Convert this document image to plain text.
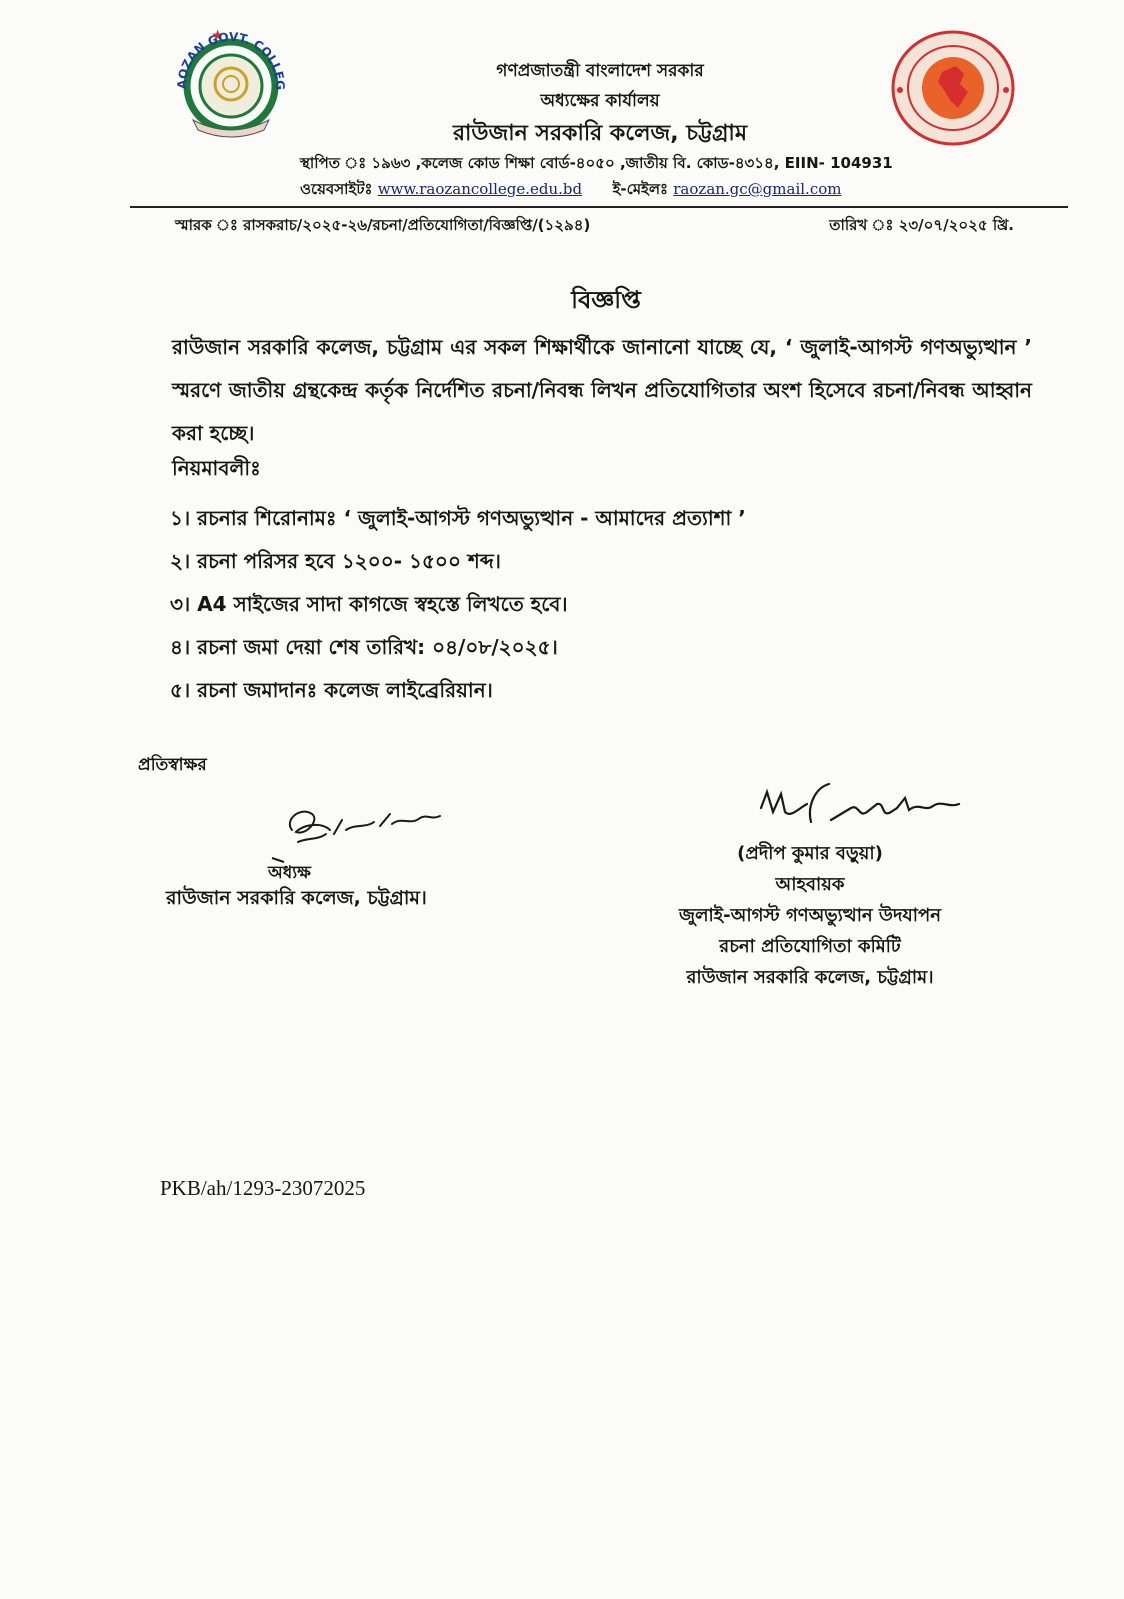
AOZAN GOVT. COLLEG
গণপ্রজাতন্ত্রী বাংলাদেশ সরকার
অধ্যক্ষের কার্যালয়
রাউজান সরকারি কলেজ, চট্টগ্রাম
স্থাপিত ঃ ১৯৬৩ ,কলেজ কোড শিক্ষা বোর্ড-৪০৫০ ,জাতীয় বি. কোড-৪৩১৪, EIIN- 104931
ওয়েবসাইটঃ www.raozancollege.edu.bd ই-মেইলঃ raozan.gc@gmail.com
স্মারক ঃ রাসকরাচ/২০২৫-২৬/রচনা/প্রতিযোগিতা/বিজ্ঞপ্তি/(১২৯৪)	তারিখ ঃ ২৩/০৭/২০২৫ খ্রি.
বিজ্ঞপ্তি
রাউজান সরকারি কলেজ, চট্টগ্রাম এর সকল শিক্ষার্থীকে জানানো যাচ্ছে যে, ‘ জুলাই-আগস্ট গণঅভ্যুত্থান ’ স্মরণে জাতীয় গ্রন্থকেন্দ্র কর্তৃক নির্দেশিত রচনা/নিবন্ধ লিখন প্রতিযোগিতার অংশ হিসেবে রচনা/নিবন্ধ আহ্বান করা হচ্ছে।
নিয়মাবলীঃ
১। রচনার শিরোনামঃ ‘ জুলাই-আগস্ট গণঅভ্যুত্থান - আমাদের প্রত্যাশা ’
২। রচনা পরিসর হবে ১২০০- ১৫০০ শব্দ।
৩। A4 সাইজের সাদা কাগজে স্বহস্তে লিখতে হবে।
৪। রচনা জমা দেয়া শেষ তারিখ: ০৪/০৮/২০২৫।
৫। রচনা জমাদানঃ কলেজ লাইব্রেরিয়ান।
প্রতিস্বাক্ষর
অধ্যক্ষ
রাউজান সরকারি কলেজ, চট্টগ্রাম।
(প্রদীপ কুমার বড়ুয়া)
আহবায়ক
জুলাই-আগস্ট গণঅভ্যুত্থান উদযাপন
রচনা প্রতিযোগিতা কমিটি
রাউজান সরকারি কলেজ, চট্টগ্রাম।
PKB/ah/1293-23072025
